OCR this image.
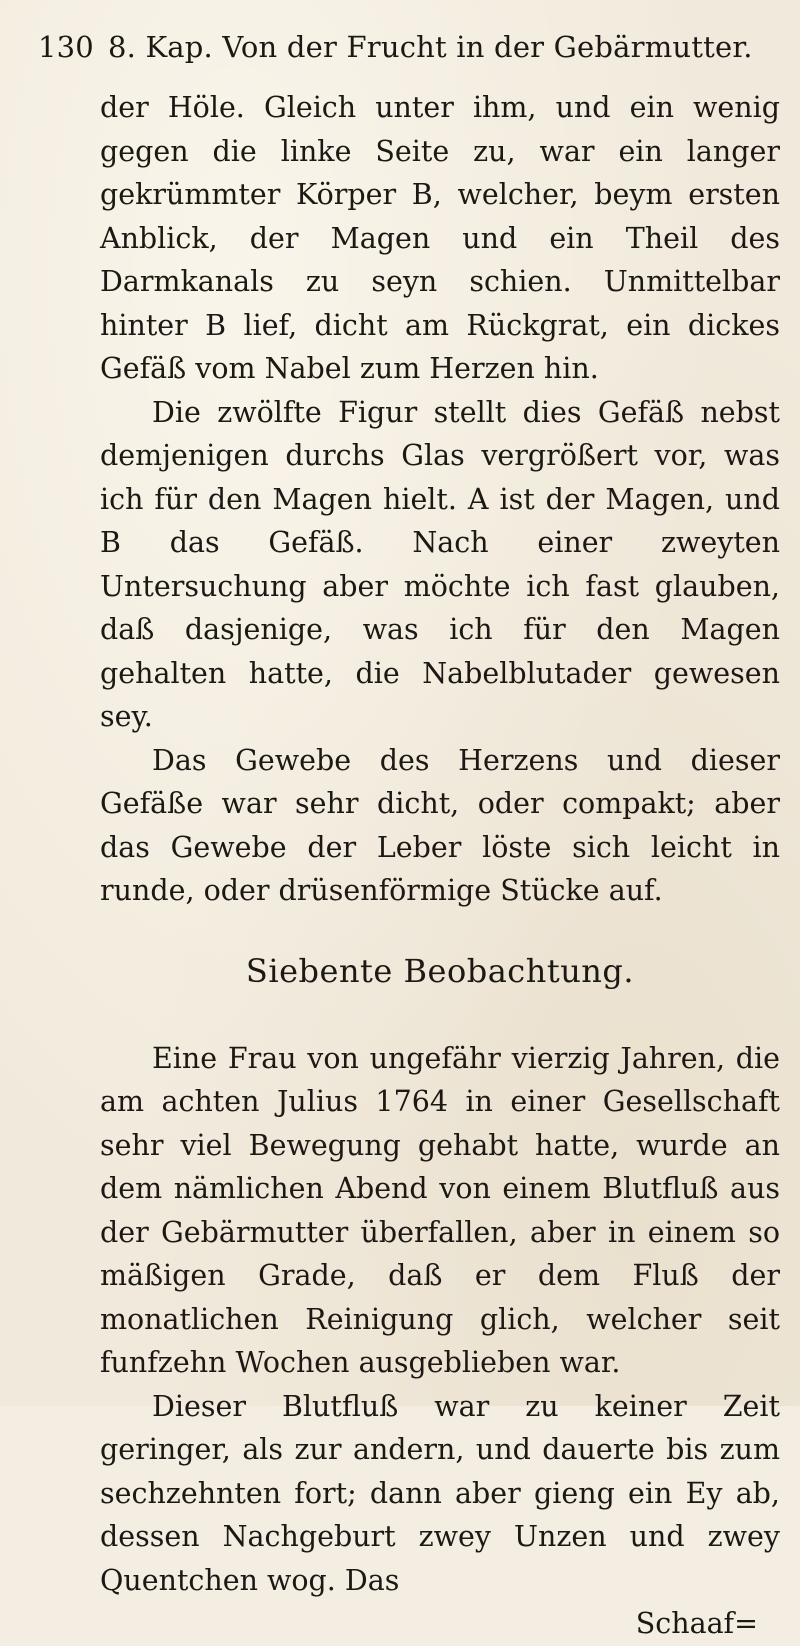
130 8. Kap. Von der Frucht in der Gebärmutter.

der Höle. Gleich unter ihm, und ein wenig gegen die linke Seite zu, war ein langer gekrümmter Körper B, welcher, beym ersten Anblick, der Magen und ein Theil des Darmkanals zu seyn schien. Unmittelbar hinter B lief, dicht am Rückgrat, ein dickes Gefäß vom Nabel zum Herzen hin.

Die zwölfte Figur stellt dies Gefäß nebst demjenigen durchs Glas vergrößert vor, was ich für den Magen hielt. A ist der Magen, und B das Gefäß. Nach einer zweyten Untersuchung aber möchte ich fast glauben, daß dasjenige, was ich für den Magen gehalten hatte, die Nabelblutader gewesen sey.

Das Gewebe des Herzens und dieser Gefäße war sehr dicht, oder compakt; aber das Gewebe der Leber löste sich leicht in runde, oder drüsenförmige Stücke auf.

Siebente Beobachtung.

Eine Frau von ungefähr vierzig Jahren, die am achten Julius 1764 in einer Gesellschaft sehr viel Bewegung gehabt hatte, wurde an dem nämlichen Abend von einem Blutfluß aus der Gebärmutter überfallen, aber in einem so mäßigen Grade, daß er dem Fluß der monatlichen Reinigung glich, welcher seit funfzehn Wochen ausgeblieben war.

Dieser Blutfluß war zu keiner Zeit geringer, als zur andern, und dauerte bis zum sechzehnten fort; dann aber gieng ein Ey ab, dessen Nachgeburt zwey Unzen und zwey Quentchen wog. Das

Schaaf=
